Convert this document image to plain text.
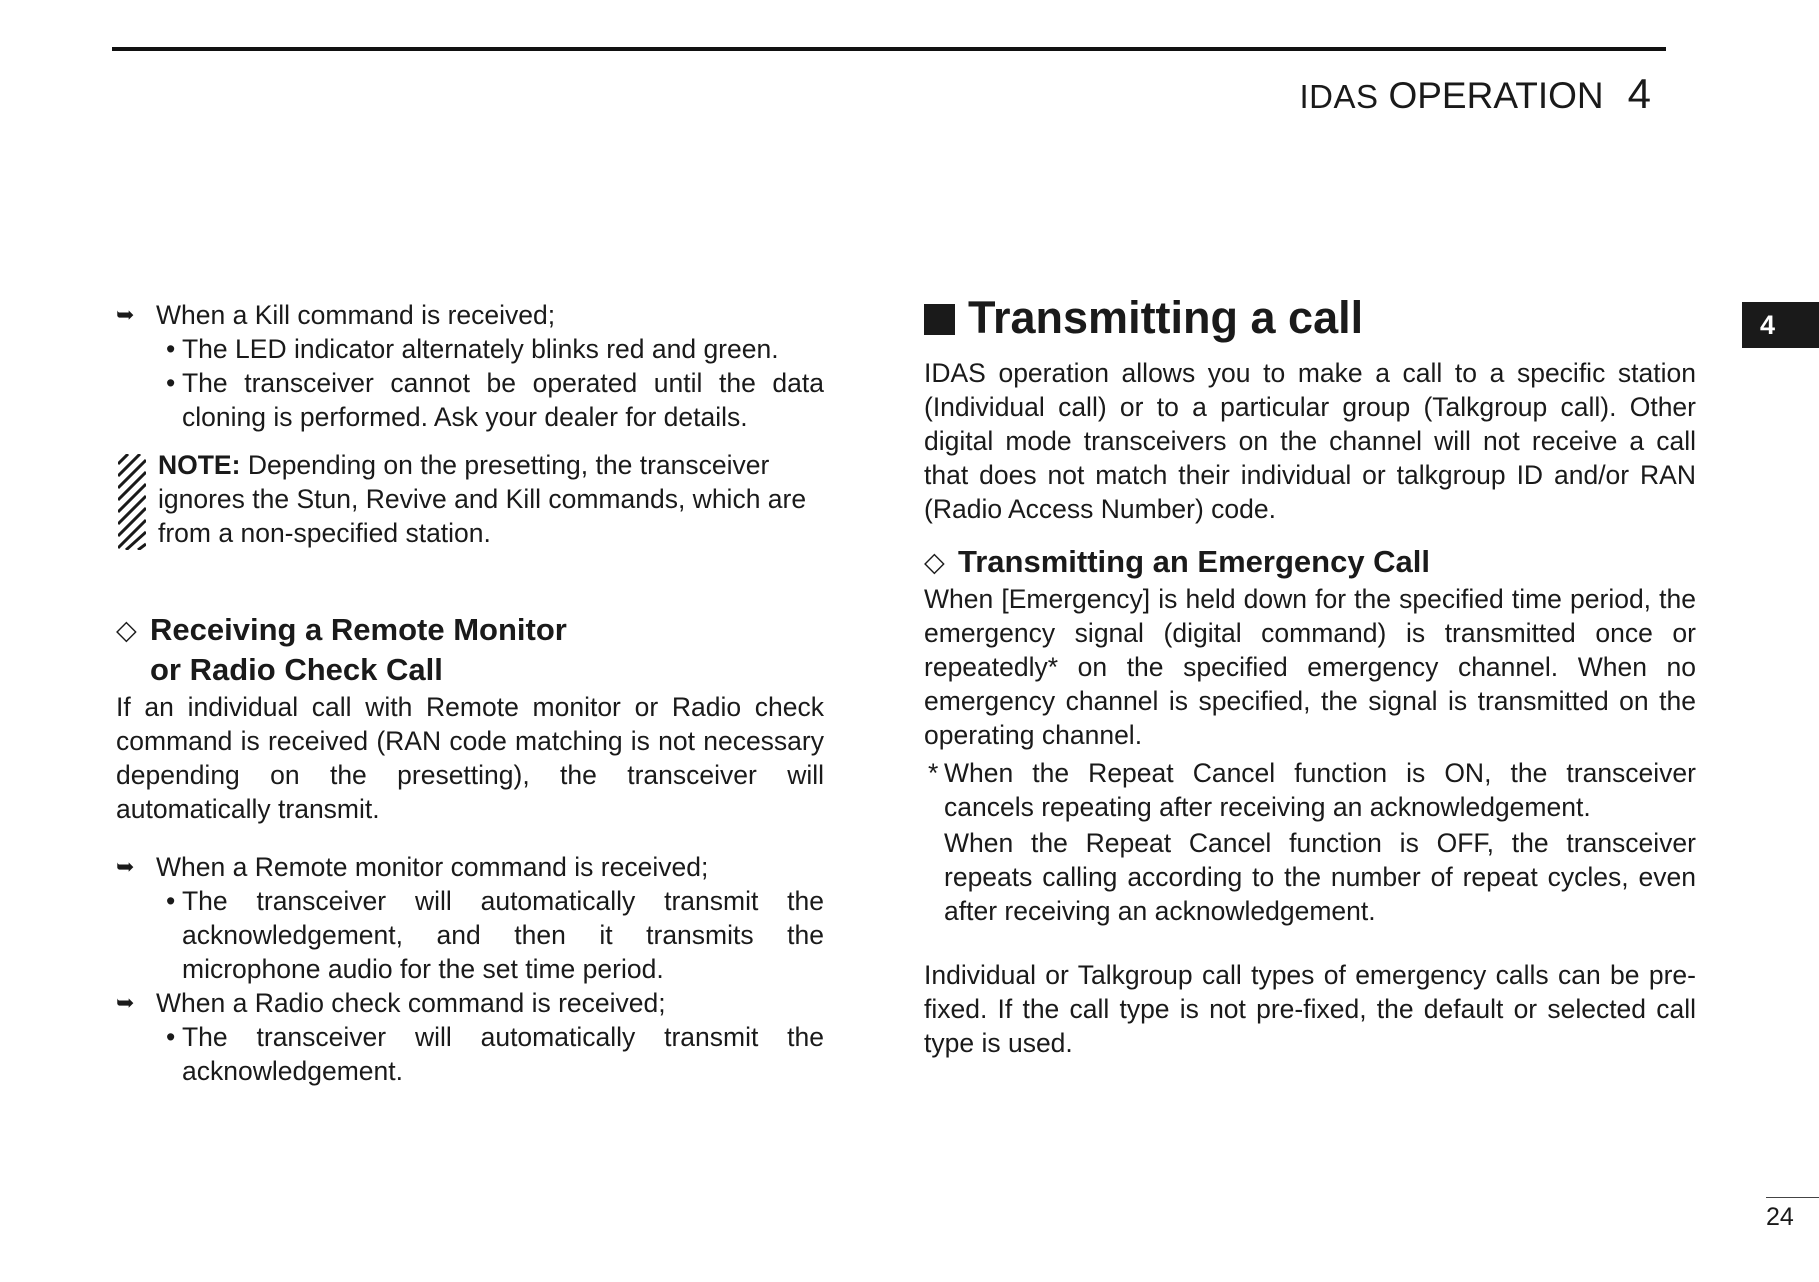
IDAS OPERATION 4
4
➥ When a Kill command is received;
• The LED indicator alternately blinks red and green.
• The transceiver cannot be operated until the data cloning is performed. Ask your dealer for details.
NOTE: Depending on the presetting, the transceiver ignores the Stun, Revive and Kill commands, which are from a non-specified station.
◇ Receiving a Remote Monitor
or Radio Check Call
If an individual call with Remote monitor or Radio check command is received (RAN code matching is not necessary depending on the presetting), the transceiver will automatically transmit.
➥ When a Remote monitor command is received;
• The transceiver will automatically transmit the acknowledgement, and then it transmits the microphone audio for the set time period.
➥ When a Radio check command is received;
• The transceiver will automatically transmit the acknowledgement.
Transmitting a call
IDAS operation allows you to make a call to a specific station (Individual call) or to a particular group (Talkgroup call). Other digital mode transceivers on the channel will not receive a call that does not match their individual or talkgroup ID and/or RAN (Radio Access Number) code.
◇ Transmitting an Emergency Call
When [Emergency] is held down for the specified time period, the emergency signal (digital command) is transmitted once or repeatedly* on the specified emergency channel. When no emergency channel is specified, the signal is transmitted on the operating channel.
* When the Repeat Cancel function is ON, the transceiver cancels repeating after receiving an acknowledgement.
When the Repeat Cancel function is OFF, the transceiver repeats calling according to the number of repeat cycles, even after receiving an acknowledgement.
Individual or Talkgroup call types of emergency calls can be pre-fixed. If the call type is not pre-fixed, the default or selected call type is used.
24
